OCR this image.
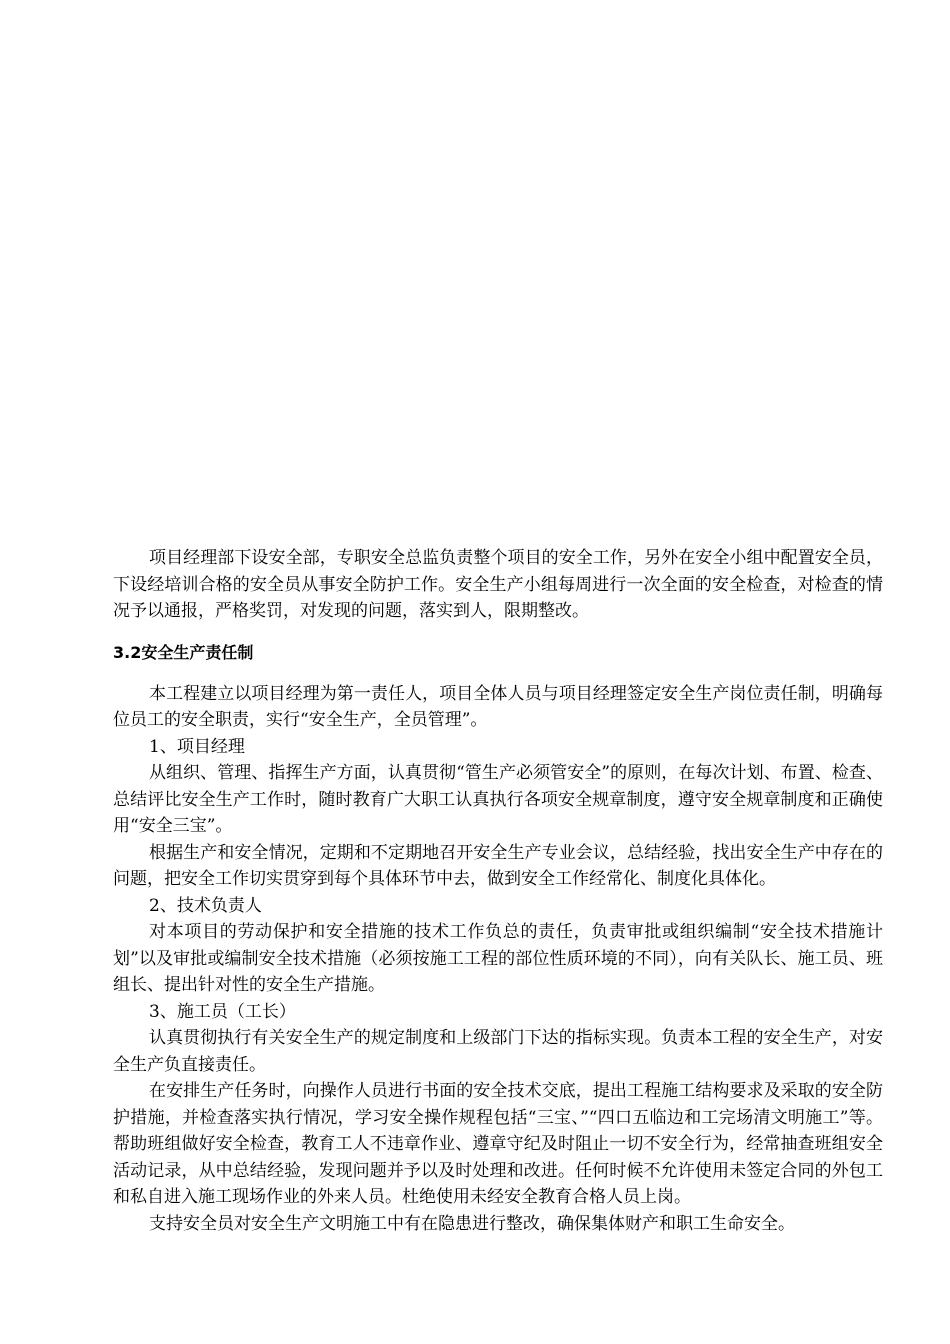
项目经理部下设安全部，专职安全总监负责整个项目的安全工作，另外在安全小组中配置安全员，下设经培训合格的安全员从事安全防护工作。安全生产小组每周进行一次全面的安全检查，对检查的情况予以通报，严格奖罚，对发现的问题，落实到人，限期整改。

3.2安全生产责任制

本工程建立以项目经理为第一责任人，项目全体人员与项目经理签定安全生产岗位责任制，明确每位员工的安全职责，实行“安全生产，全员管理”。

1、项目经理

从组织、管理、指挥生产方面，认真贯彻“管生产必须管安全”的原则，在每次计划、布置、检查、总结评比安全生产工作时，随时教育广大职工认真执行各项安全规章制度，遵守安全规章制度和正确使用“安全三宝”。

根据生产和安全情况，定期和不定期地召开安全生产专业会议，总结经验，找出安全生产中存在的问题，把安全工作切实贯穿到每个具体环节中去，做到安全工作经常化、制度化具体化。

2、技术负责人

对本项目的劳动保护和安全措施的技术工作负总的责任，负责审批或组织编制“安全技术措施计划”以及审批或编制安全技术措施（必须按施工工程的部位性质环境的不同），向有关队长、施工员、班组长、提出针对性的安全生产措施。

3、施工员（工长）

认真贯彻执行有关安全生产的规定制度和上级部门下达的指标实现。负责本工程的安全生产，对安全生产负直接责任。

在安排生产任务时，向操作人员进行书面的安全技术交底，提出工程施工结构要求及采取的安全防护措施，并检查落实执行情况，学习安全操作规程包括“三宝、”“四口五临边和工完场清文明施工”等。帮助班组做好安全检查，教育工人不违章作业、遵章守纪及时阻止一切不安全行为，经常抽查班组安全活动记录，从中总结经验，发现问题并予以及时处理和改进。任何时候不允许使用未签定合同的外包工和私自进入施工现场作业的外来人员。杜绝使用未经安全教育合格人员上岗。

支持安全员对安全生产文明施工中有在隐患进行整改，确保集体财产和职工生命安全。
